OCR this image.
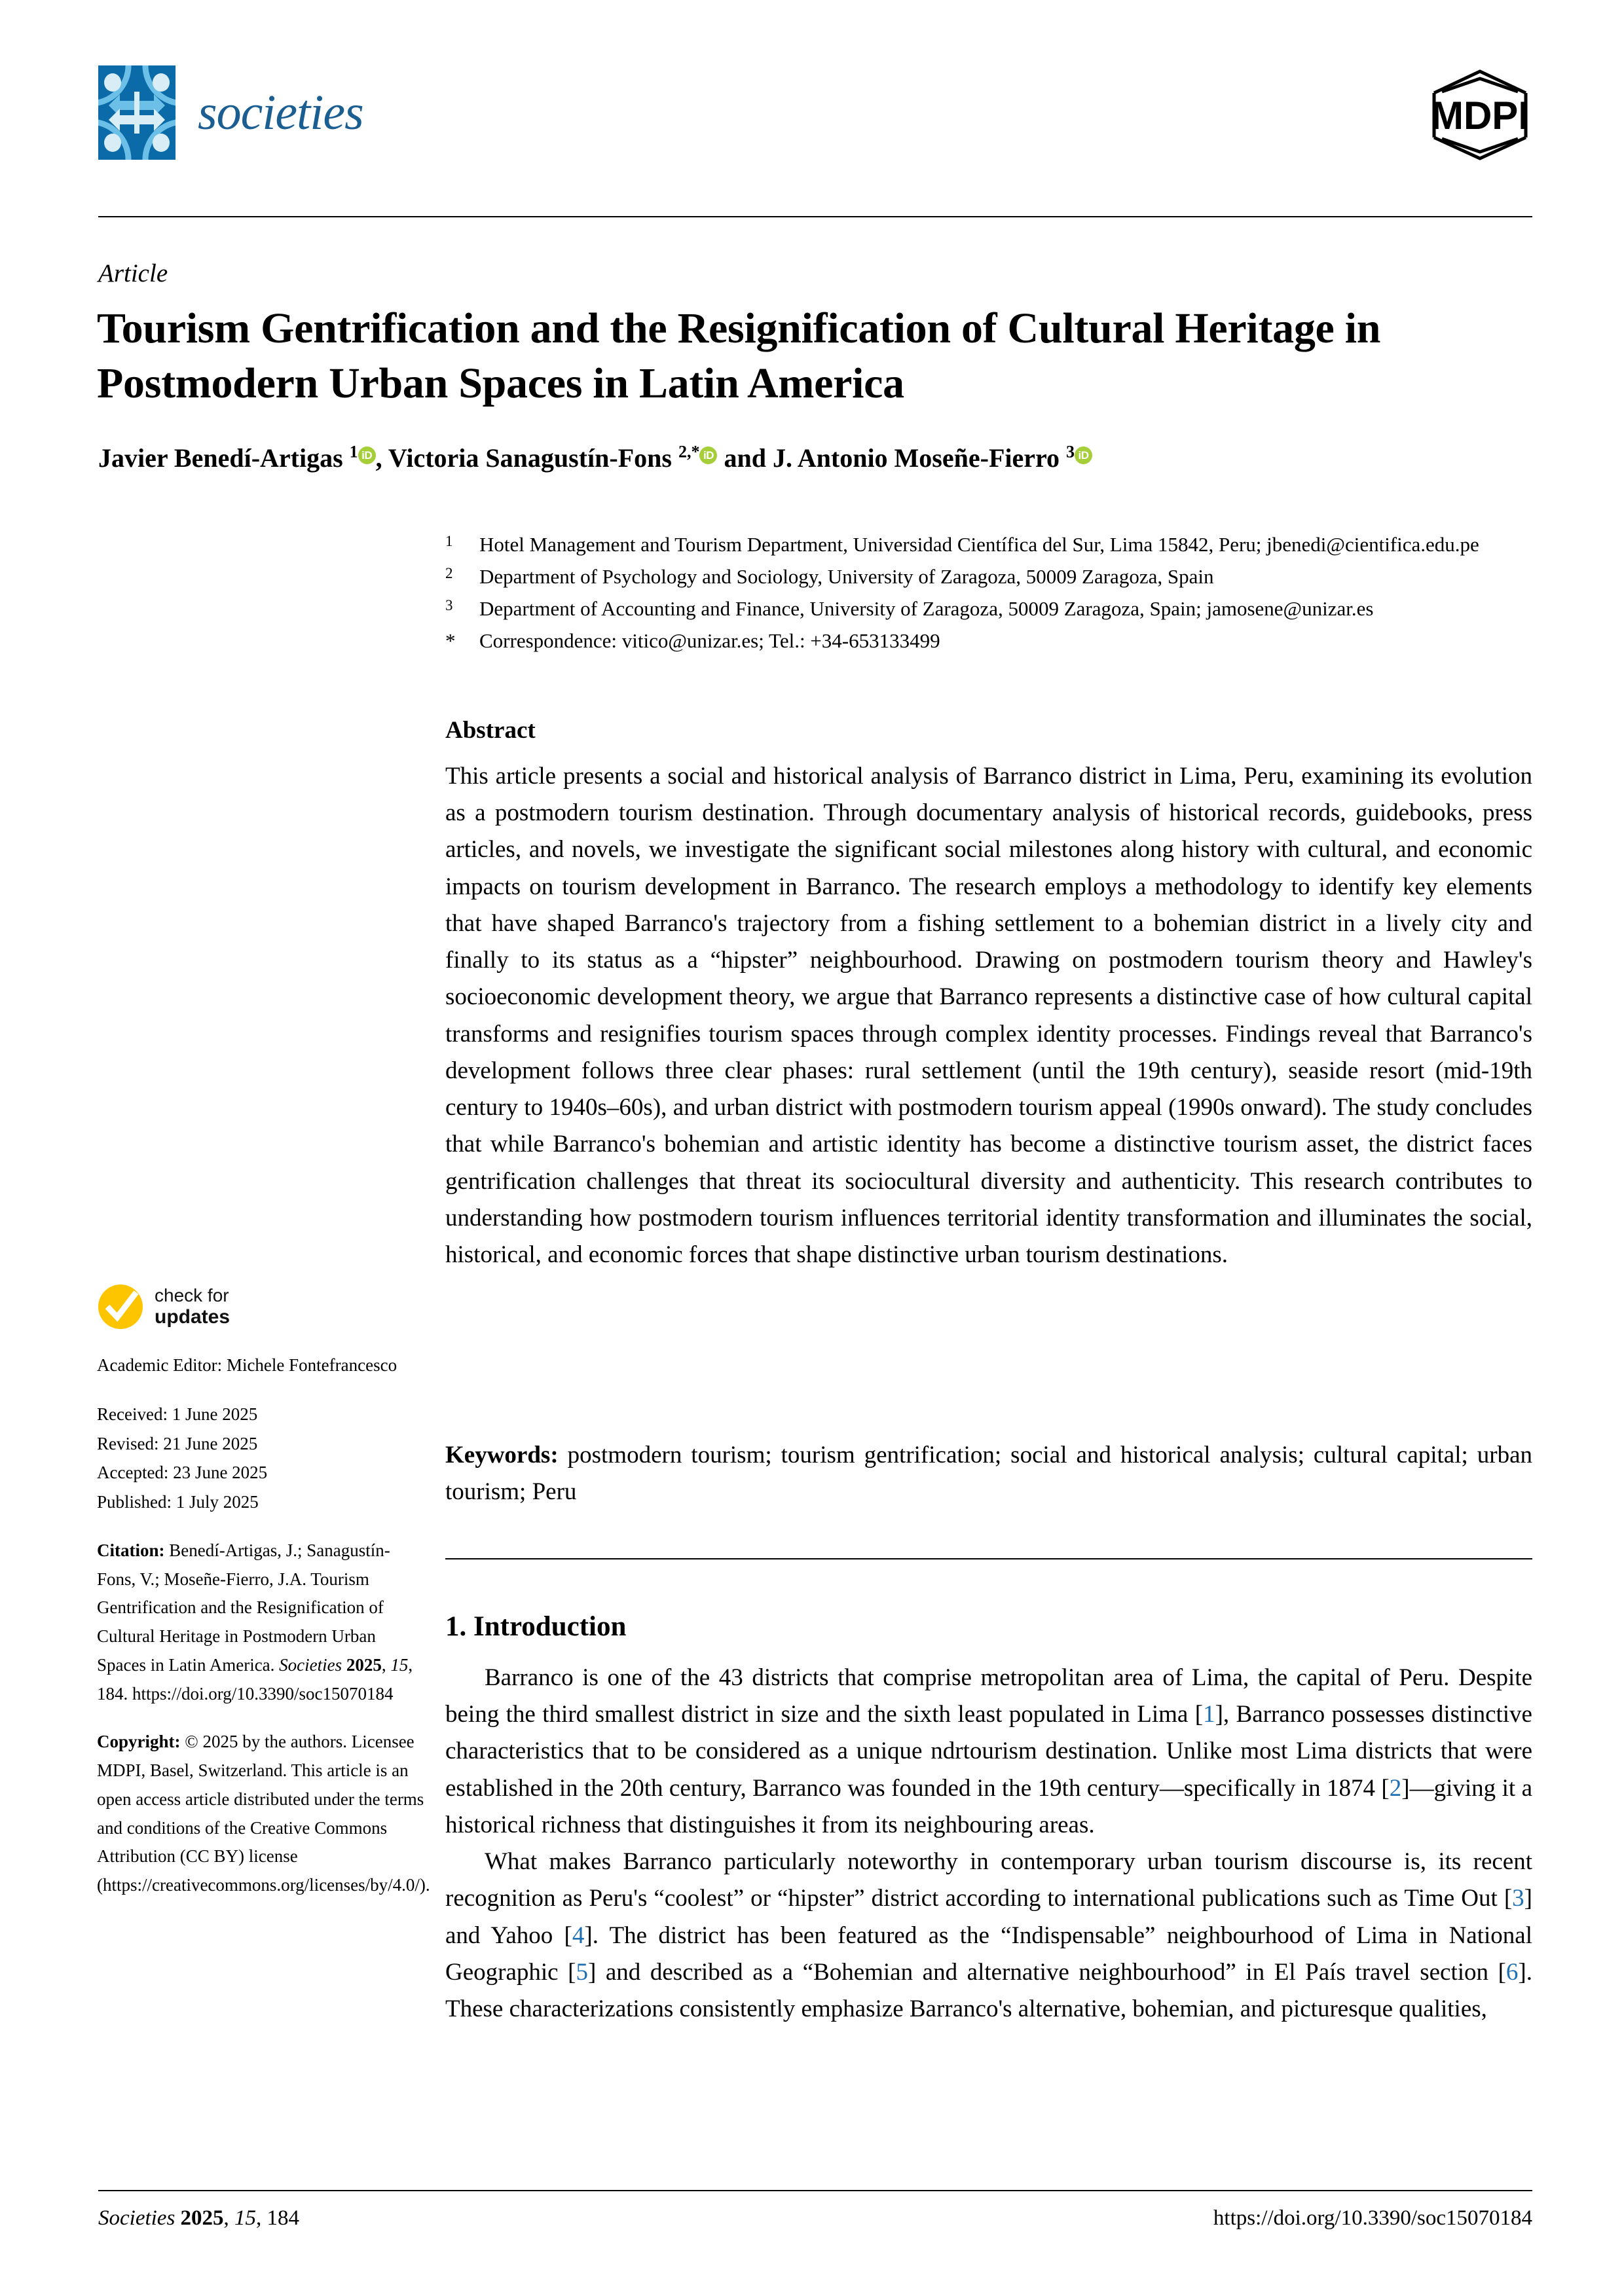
societies	MDPI
Article
Tourism Gentrification and the Resignification of Cultural Heritage in Postmodern Urban Spaces in Latin America
Javier Benedí-Artigas $^1$ iD , Victoria Sanagustín-Fons $^{2,*}$ iD and J. Antonio Moseñe-Fierro $^3$ iD
1	Hotel Management and Tourism Department, Universidad Científica del Sur, Lima 15842, Peru; jbenedi@cientifica.edu.pe
2	Department of Psychology and Sociology, University of Zaragoza, 50009 Zaragoza, Spain
3	Department of Accounting and Finance, University of Zaragoza, 50009 Zaragoza, Spain; jamosene@unizar.es
*	Correspondence: vitico@unizar.es; Tel.: +34-653133499
Abstract
This article presents a social and historical analysis of Barranco district in Lima, Peru, examining its evolution as a postmodern tourism destination. Through documentary analysis of historical records, guidebooks, press articles, and novels, we investigate the significant social milestones along history with cultural, and economic impacts on tourism development in Barranco. The research employs a methodology to identify key elements that have shaped Barranco's trajectory from a fishing settlement to a bohemian district in a lively city and finally to its status as a “hipster” neighbourhood. Drawing on postmodern tourism theory and Hawley's socioeconomic development theory, we argue that Barranco represents a distinctive case of how cultural capital transforms and resignifies tourism spaces through complex identity processes. Findings reveal that Barranco's development follows three clear phases: rural settlement (until the 19th century), seaside resort (mid-19th century to 1940s–60s), and urban district with postmodern tourism appeal (1990s onward). The study concludes that while Barranco's bohemian and artistic identity has become a distinctive tourism asset, the district faces gentrification challenges that threat its sociocultural diversity and authenticity. This research contributes to understanding how postmodern tourism influences territorial identity transformation and illuminates the social, historical, and economic forces that shape distinctive urban tourism destinations.
Keywords: postmodern tourism; tourism gentrification; social and historical analysis; cultural capital; urban tourism; Peru
check for
updates
Academic Editor: Michele Fontefrancesco
Received: 1 June 2025
Revised: 21 June 2025
Accepted: 23 June 2025
Published: 1 July 2025
Citation: Benedí-Artigas, J.; Sanagustín-Fons, V.; Moseñe-Fierro, J.A. Tourism Gentrification and the Resignification of Cultural Heritage in Postmodern Urban Spaces in Latin America. Societies 2025, 15, 184. https://doi.org/10.3390/soc15070184
Copyright: © 2025 by the authors. Licensee MDPI, Basel, Switzerland. This article is an open access article distributed under the terms and conditions of the Creative Commons Attribution (CC BY) license (https://creativecommons.org/licenses/by/4.0/).
1. Introduction

Barranco is one of the 43 districts that comprise metropolitan area of Lima, the capital of Peru. Despite being the third smallest district in size and the sixth least populated in Lima [1], Barranco possesses distinctive characteristics that to be considered as a unique ndrtourism destination. Unlike most Lima districts that were established in the 20th century, Barranco was founded in the 19th century—specifically in 1874 [2]—giving it a historical richness that distinguishes it from its neighbouring areas.

What makes Barranco particularly noteworthy in contemporary urban tourism discourse is, its recent recognition as Peru's “coolest” or “hipster” district according to international publications such as Time Out [3] and Yahoo [4]. The district has been featured as the “Indispensable” neighbourhood of Lima in National Geographic [5] and described as a “Bohemian and alternative neighbourhood” in El País travel section [6]. These characterizations consistently emphasize Barranco's alternative, bohemian, and picturesque qualities,

Societies 2025, 15, 184	https://doi.org/10.3390/soc15070184
